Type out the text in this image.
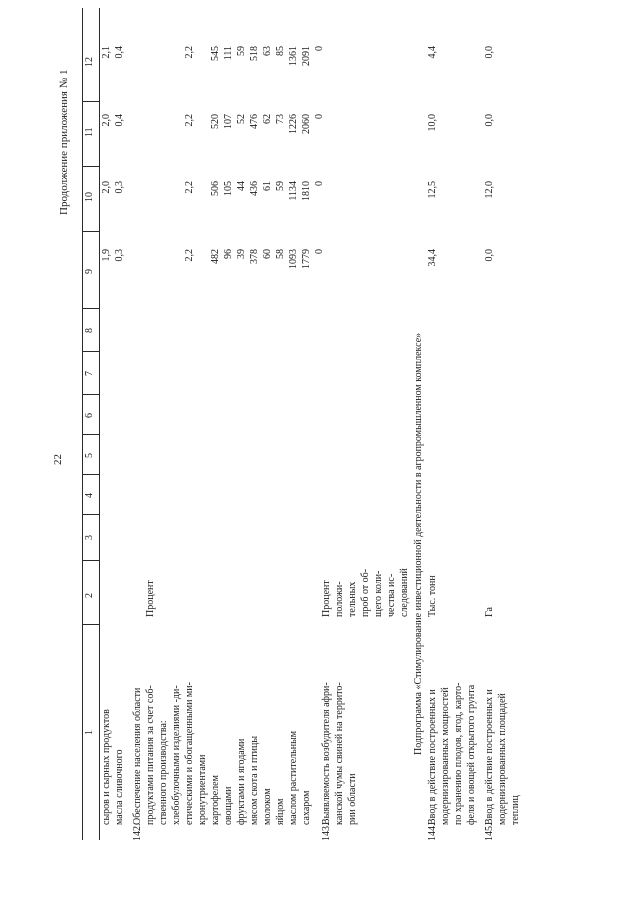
22
Продолжение приложения № 1
1
2
3
4
5
6
7
8
9
10
11
12
сыров и сырных продуктов масла сливочного
1,9
2,0
2,0
2,1
0,3
0,3
0,4
0,4
142.
Обеспечение населения области продуктами питания за счет соб- ственного производства: хлебобулочными изделиями -ди- етическими и обогащенными ми- кронутриентами картофелем овощами фруктами и ягодами мясом скота и птицы молоком яйцом маслом растительным сахаром
Процент
2,2
2,2
2,2
2,2
482
506
520
545
96
105
107
111
39
44
52
59
378
436
476
518
60
61
62
63
58
59
73
85
1093
1134
1226
1361
1779
1810
2060
2091
0
0
0
0
143.
Выявляемость возбудителя афри- канской чумы свиней на террито- рии области
Процент положи- тельных проб от об- щего коли- чества ис- следований Подпрограмма «Стимулирование инвестиционной деятельности в агропромышленном комплексе»
144.
Ввод в действие построенных и модернизированных мощностей по хранению плодов, ягод, карто- феля и овощей открытого грунта
Тыс. тонн
34,4
12,5
10,0
4,4
145.
Ввод в действие построенных и модернизированных площадей теплиц
Га
0,0
12,0
0,0
0,0
